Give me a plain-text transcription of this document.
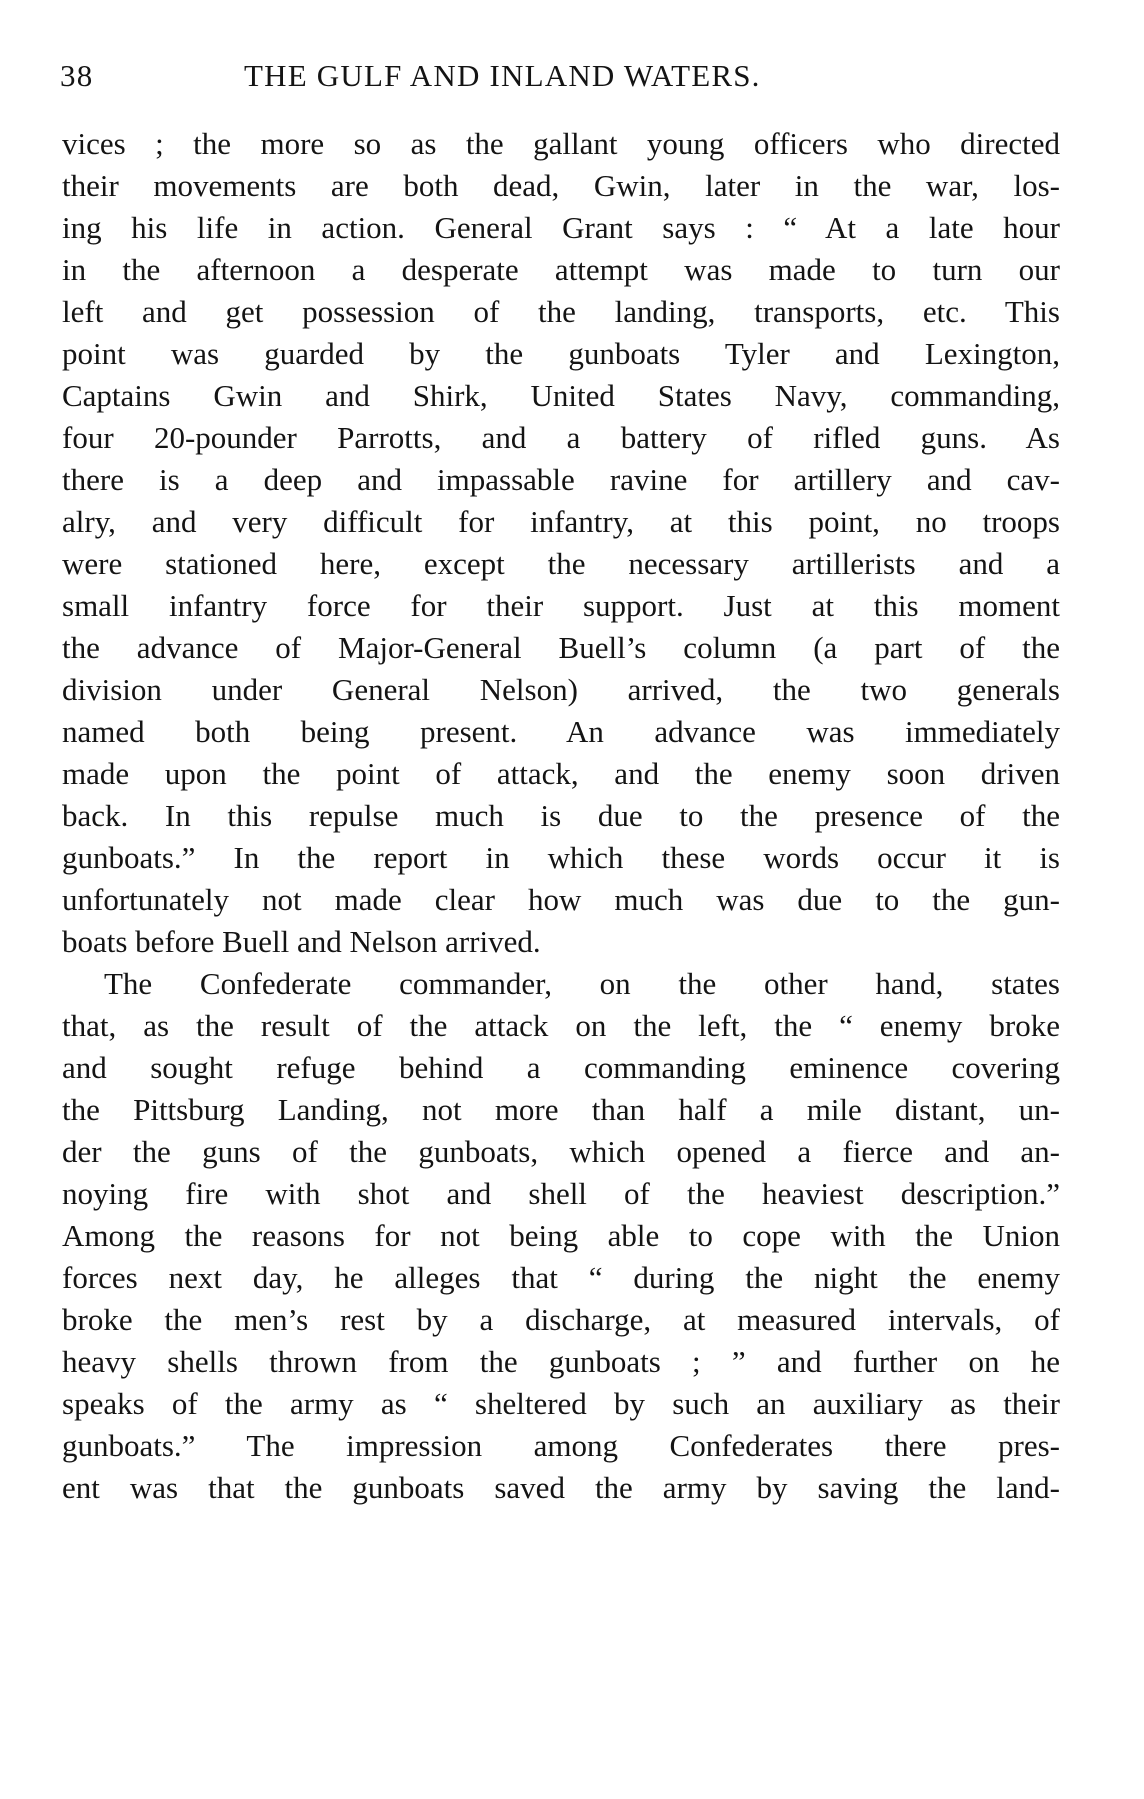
38	THE GULF AND INLAND WATERS.
vices ; the more so as the gallant young officers who directed
their movements are both dead, Gwin, later in the war, los-
ing his life in action. General Grant says : “ At a late hour
in the afternoon a desperate attempt was made to turn our
left and get possession of the landing, transports, etc. This
point was guarded by the gunboats Tyler and Lexington,
Captains Gwin and Shirk, United States Navy, commanding,
four 20-pounder Parrotts, and a battery of rifled guns. As
there is a deep and impassable ravine for artillery and cav-
alry, and very difficult for infantry, at this point, no troops
were stationed here, except the necessary artillerists and a
small infantry force for their support. Just at this moment
the advance of Major-General Buell’s column (a part of the
division under General Nelson) arrived, the two generals
named both being present. An advance was immediately
made upon the point of attack, and the enemy soon driven
back. In this repulse much is due to the presence of the
gunboats.” In the report in which these words occur it is
unfortunately not made clear how much was due to the gun-
boats before Buell and Nelson arrived.
The Confederate commander, on the other hand, states
that, as the result of the attack on the left, the “ enemy broke
and sought refuge behind a commanding eminence covering
the Pittsburg Landing, not more than half a mile distant, un-
der the guns of the gunboats, which opened a fierce and an-
noying fire with shot and shell of the heaviest description.”
Among the reasons for not being able to cope with the Union
forces next day, he alleges that “ during the night the enemy
broke the men’s rest by a discharge, at measured intervals, of
heavy shells thrown from the gunboats ; ” and further on he
speaks of the army as “ sheltered by such an auxiliary as their
gunboats.” The impression among Confederates there pres-
ent was that the gunboats saved the army by saving the land-
